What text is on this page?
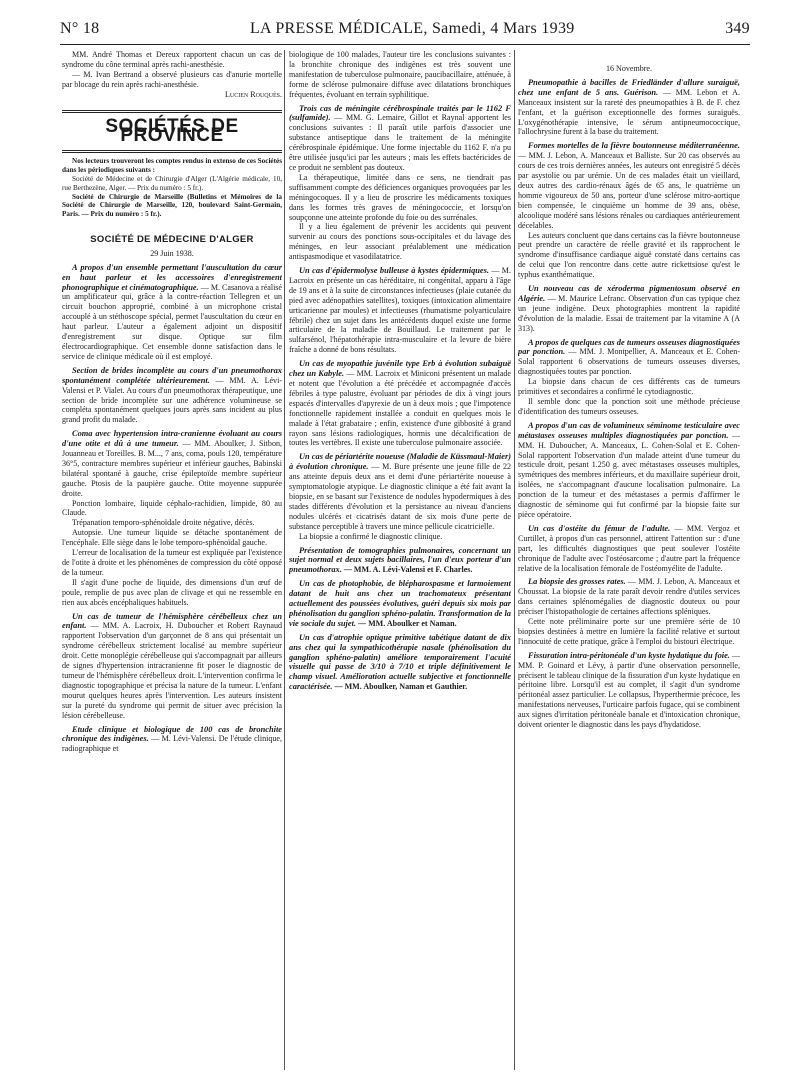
N° 18	LA PRESSE MÉDICALE, Samedi, 4 Mars 1939	349

MM. André Thomas et Dereux rapportent chacun un cas de syndrome du cône terminal après rachi-anesthésie.

— M. Ivan Bertrand a observé plusieurs cas d'anurie mortelle par blocage du rein après rachi-anesthésie.

Lucien Rouquès.

SOCIÉTÉS DE PROVINCE

Nos lecteurs trouveront les comptes rendus in extenso de ces Sociétés dans les périodiques suivants :

Société de Médecine et de Chirurgie d'Alger (L'Algérie médicale, 10, rue Berthezène, Alger. — Prix du numéro : 5 fr.).

Société de Chirurgie de Marseille (Bulletins et Mémoires de la Société de Chirurgie de Marseille, 120, boulevard Saint-Germain, Paris. — Prix du numéro : 5 fr.).

SOCIÉTÉ DE MÉDECINE D'ALGER
29 Juin 1938.

A propos d'un ensemble permettant l'auscultation du cœur en haut parleur et les accessoires d'enregistrement phonographique et cinématographique. — M. Casanova a réalisé un amplificateur qui, grâce à la contre-réaction Tellegren et un circuit bouchon approprié, combiné à un microphone cristal accouplé à un stéthoscope spécial, permet l'auscultation du cœur en haut parleur. L'auteur a également adjoint un dispositif d'enregistrement sur disque. Optique sur film électrocardiographique. Cet ensemble donne satisfaction dans le service de clinique médicale où il est employé.

Section de brides incomplète au cours d'un pneumothorax spontanément complétée ultérieurement. — MM. A. Lévi-Valensi et P. Vialet. Au cours d'un pneumothorax thérapeutique, une section de bride incomplète sur une adhérence volumineuse se compléta spontanément quelques jours après sans incident au plus grand profit du malade.

Coma avec hypertension intra-cranienne évoluant au cours d'une otite et dû à une tumeur. — MM. Aboulker, J. Sitbon, Jouanneau et Toreilles. B. M..., 7 ans, coma, pouls 120, température 36°5, contracture membres supérieur et inférieur gauches, Babinski bilatéral spontané à gauche, crise épileptoïde membre supérieur gauche. Ptosis de la paupière gauche. Otite moyenne suppurée droite.

Ponction lombaire, liquide céphalo-rachidien, limpide, 80 au Claude.

Trépanation temporo-sphénoïdale droite négative, décès.

Autopsie. Une tumeur liquide se détache spontanément de l'encéphale. Elle siège dans le lobe temporo-sphénoïdal gauche.

L'erreur de localisation de la tumeur est expliquée par l'existence de l'otite à droite et les phénomènes de compression du côté opposé de la tumeur.

Il s'agit d'une poche de liquide, des dimensions d'un œuf de poule, remplie de pus avec plan de clivage et qui ne ressemble en rien aux abcès encéphaliques habituels.

Un cas de tumeur de l'hémisphère cérébelleux chez un enfant. — MM. A. Lacroix, H. Duboucher et Robert Raynaud rapportent l'observation d'un garçonnet de 8 ans qui présentait un syndrome cérébelleux strictement localisé au membre supérieur droit. Cette monoplégie cérébelleuse qui s'accompagnait par ailleurs de signes d'hypertension intracranienne fit poser le diagnostic de tumeur de l'hémisphère cérébelleux droit. L'intervention confirma le diagnostic topographique et précisa la nature de la tumeur. L'enfant mourut quelques heures après l'intervention. Les auteurs insistent sur la pureté du syndrome qui permit de situer avec précision la lésion cérébelleuse.

Etude clinique et biologique de 100 cas de bronchite chronique des indigènes. — M. Lévi-Valensi. De l'étude clinique, radiographique et

biologique de 100 malades, l'auteur tire les conclusions suivantes : la bronchite chronique des indigènes est très souvent une manifestation de tuberculose pulmonaire, paucibacillaire, atténuée, à forme de sclérose pulmonaire diffuse avec dilatations bronchiques fréquentes, évoluant en terrain syphilitique.

Trois cas de méningite cérébrospinale traités par le 1162 F (sulfamide). — MM. G. Lemaire, Gillot et Raynal apportent les conclusions suivantes : Il paraît utile parfois d'associer une substance antiseptique dans le traitement de la méningite cérébrospinale épidémique. Une forme injectable du 1162 F. n'a pu être utilisée jusqu'ici par les auteurs ; mais les effets bactéricides de ce produit ne semblent pas douteux.

La thérapeutique, limitée dans ce sens, ne tiendrait pas suffisamment compte des déficiences organiques provoquées par les méningocoques. Il y a lieu de proscrire les médicaments toxiques dans les formes très graves de méningococcie, et lorsqu'on soupçonne une atteinte profonde du foie ou des surrénales.

Il y a lieu également de prévenir les accidents qui peuvent survenir au cours des ponctions sous-occipitales et du lavage des méninges, en leur associant préalablement une médication antispasmodique et vasodilatatrice.

Un cas d'épidermolyse bulleuse à kystes épidermiques. — M. Lacroix en présente un cas héréditaire, ni congénital, apparu à l'âge de 19 ans et à la suite de circonstances infectieuses (plaie cutanée du pied avec adénopathies satellites), toxiques (intoxication alimentaire urticarienne par moules) et infectieuses (rhumatisme polyarticulaire fébrile) chez un sujet dans les antécédents duquel existe une forme articulaire de la maladie de Bouillaud. Le traitement par le sulfarsénol, l'hépatothérapie intra-musculaire et la levure de bière fraîche a donné de bons résultats.

Un cas de myopathie juvénile type Erb à évolution subaiguë chez un Kabyle. — MM. Lacroix et Miniconi présentent un malade et notent que l'évolution a été précédée et accompagnée d'accès fébriles à type palustre, évoluant par périodes de dix à vingt jours espacés d'intervalles d'apyrexie de un à deux mois ; que l'impotence fonctionnelle rapidement installée a conduit en quelques mois le malade à l'état grabataire ; enfin, existence d'une gibbosité à grand rayon sans lésions radiologiques, hormis une décalcification de toutes les vertèbres. Il existe une tuberculose pulmonaire associée.

Un cas de périartérite noueuse (Maladie de Küssmaul-Maier) à évolution chronique. — M. Bure présente une jeune fille de 22 ans atteinte depuis deux ans et demi d'une périartérite noueuse à symptomatologie atypique. Le diagnostic clinique a été fait avant la biopsie, en se basant sur l'existence de nodules hypodermiques à des stades différents d'évolution et la persistance au niveau d'anciens nodules ulcérés et cicatrisés datant de six mois d'une perte de substance perceptible à travers une mince pellicule cicatricielle.

La biopsie a confirmé le diagnostic clinique.

Présentation de tomographies pulmonaires, concernant un sujet normal et deux sujets bacillaires, l'un d'eux porteur d'un pneumothorax. — MM. A. Lévi-Valensi et F. Charles.

Un cas de photophobie, de blépharospasme et larmoiement datant de huit ans chez un trachomateux présentant actuellement des poussées évolutives, guéri depuis six mois par phénolisation du ganglion sphéno-palatin. Transformation de la vie sociale du sujet. — MM. Aboulker et Naman.

Un cas d'atrophie optique primitive tabétique datant de dix ans chez qui la sympathicothérapie nasale (phénolisation du ganglion sphéno-palatin) améliore temporairement l'acuité visuelle qui passe de 3/10 à 7/10 et triple définitivement le champ visuel. Amélioration actuelle subjective et fonctionnelle caractérisée. — MM. Aboulker, Naman et Gauthier.

16 Novembre.

Pneumopathie à bacilles de Friedländer d'allure suraiguë, chez une enfant de 5 ans. Guérison. — MM. Lebon et A. Manceaux insistent sur la rareté des pneumopathies à B. de F. chez l'enfant, et la guérison exceptionnelle des formes suraiguës. L'oxygénothérapie intensive, le sérum antipneumococcique, l'allochrysine furent à la base du traitement.

Formes mortelles de la fièvre boutonneuse méditerranéenne. — MM. J. Lebon, A. Manceaux et Balliste. Sur 20 cas observés au cours de ces trois dernières années, les auteurs ont enregistré 5 décès par asystolie ou par urémie. Un de ces malades était un vieillard, deux autres des cardio-rénaux âgés de 65 ans, le quatrième un homme vigoureux de 50 ans, porteur d'une sclérose mitro-aortique bien compensée, le cinquième un homme de 39 ans, obèse, alcoolique modéré sans lésions rénales ou cardiaques antérieurement décelables.

Les auteurs concluent que dans certains cas la fièvre boutonneuse peut prendre un caractère de réelle gravité et ils rapprochent le syndrome d'insuffisance cardiaque aiguë constaté dans certains cas de celui que l'on rencontre dans cette autre rickettsiose qu'est le typhus exanthématique.

Un nouveau cas de xéroderma pigmentosum observé en Algérie. — M. Maurice Lefranc. Observation d'un cas typique chez un jeune indigène. Deux photographies montrent la rapidité d'évolution de la maladie. Essai de traitement par la vitamine A (A 313).

A propos de quelques cas de tumeurs osseuses diagnostiquées par ponction. — MM. J. Montpellier, A. Manceaux et E. Cohen-Solal rapportent 6 observations de tumeurs osseuses diverses, diagnostiquées toutes par ponction.

La biopsie dans chacun de ces différents cas de tumeurs primitives et secondaires a confirmé le cytodiagnostic.

Il semble donc que la ponction soit une méthode précieuse d'identification des tumeurs osseuses.

A propos d'un cas de volumineux séminome testiculaire avec métastases osseuses multiples diagnostiquées par ponction. — MM. H. Duboucher, A. Manceaux, L. Cohen-Solal et E. Cohen-Solal rapportent l'observation d'un malade atteint d'une tumeur du testicule droit, pesant 1.250 g. avec métastases osseuses multiples, symétriques des membres inférieurs, et du maxillaire supérieur droit, isolées, ne s'accompagnant d'aucune localisation pulmonaire. La ponction de la tumeur et des métastases a permis d'affirmer le diagnostic de séminome qui fut confirmé par la biopsie faite sur pièce opératoire.

Un cas d'ostéite du fémur de l'adulte. — MM. Vergoz et Curtillet, à propos d'un cas personnel, attirent l'attention sur : d'une part, les difficultés diagnostiques que peut soulever l'ostéite chronique de l'adulte avec l'ostéosarcome ; d'autre part la fréquence relative de la localisation fémorale de l'ostéomyélite de l'adulte.

La biopsie des grosses rates. — MM. J. Lebon, A. Manceaux et Choussat. La biopsie de la rate paraît devoir rendre d'utiles services dans certaines splénomégalies de diagnostic douteux ou pour préciser l'histopathologie de certaines affections spléniques.

Cette note préliminaire porte sur une première série de 10 biopsies destinées à mettre en lumière la facilité relative et surtout l'innocuité de cette pratique, grâce à l'emploi du bistouri électrique.

Fissuration intra-péritonéale d'un kyste hydatique du foie. — MM. P. Goinard et Lévy, à partir d'une observation personnelle, précisent le tableau clinique de la fissuration d'un kyste hydatique en péritoine libre. Lorsqu'il est au complet, il s'agit d'un syndrome péritonéal assez particulier. Le collapsus, l'hyperthermie précoce, les manifestations nerveuses, l'urticaire parfois fugace, qui se combinent aux signes d'irritation péritonéale banale et d'intoxication chronique, doivent orienter le diagnostic dans les pays d'hydatidose.
